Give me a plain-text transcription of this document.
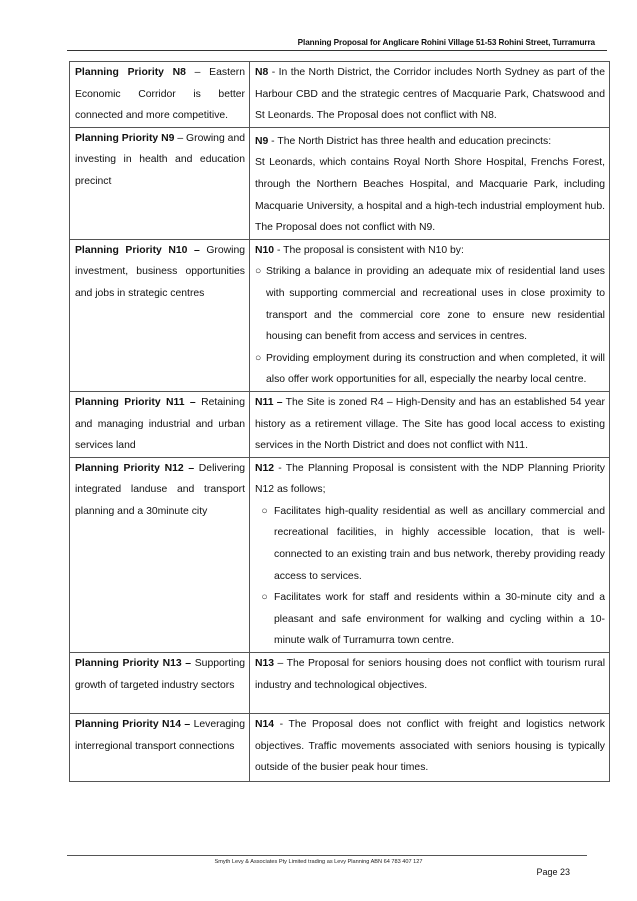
Planning Proposal for Anglicare Rohini Village 51-53 Rohini Street, Turramurra
Planning Priority N8 – Eastern Economic Corridor is better connected and more competitive.	N8 - In the North District, the Corridor includes North Sydney as part of the Harbour CBD and the strategic centres of Macquarie Park, Chatswood and St Leonards. The Proposal does not conflict with N8.

Planning Priority N9 – Growing and investing in health and education precinct	N9 - The North District has three health and education precincts:

St Leonards, which contains Royal North Shore Hospital, Frenchs Forest, through the Northern Beaches Hospital, and Macquarie Park, including Macquarie University, a hospital and a high-tech industrial employment hub. The Proposal does not conflict with N9.

Planning Priority N10 – Growing investment, business opportunities and jobs in strategic centres	N10 - The proposal is consistent with N10 by:

○ Striking a balance in providing an adequate mix of residential land uses with supporting commercial and recreational uses in close proximity to transport and the commercial core zone to ensure new residential housing can benefit from access and services in centres.
○ Providing employment during its construction and when completed, it will also offer work opportunities for all, especially the nearby local centre.

Planning Priority N11 – Retaining and managing industrial and urban services land	N11 – The Site is zoned R4 – High-Density and has an established 54 year history as a retirement village. The Site has good local access to existing services in the North District and does not conflict with N11.

Planning Priority N12 – Delivering integrated landuse and transport planning and a 30minute city	N12 - The Planning Proposal is consistent with the NDP Planning Priority N12 as follows;

○ Facilitates high-quality residential as well as ancillary commercial and recreational facilities, in highly accessible location, that is well-connected to an existing train and bus network, thereby providing ready access to services.
○ Facilitates work for staff and residents within a 30-minute city and a pleasant and safe environment for walking and cycling within a 10-minute walk of Turramurra town centre.

Planning Priority N13 – Supporting growth of targeted industry sectors	N13 – The Proposal for seniors housing does not conflict with tourism rural industry and technological objectives.

Planning Priority N14 – Leveraging interregional transport connections	N14 - The Proposal does not conflict with freight and logistics network objectives. Traffic movements associated with seniors housing is typically outside of the busier peak hour times.

Smyth Levy & Associates Pty Limited trading as Levy Planning ABN 64 783 407 127
Page 23
